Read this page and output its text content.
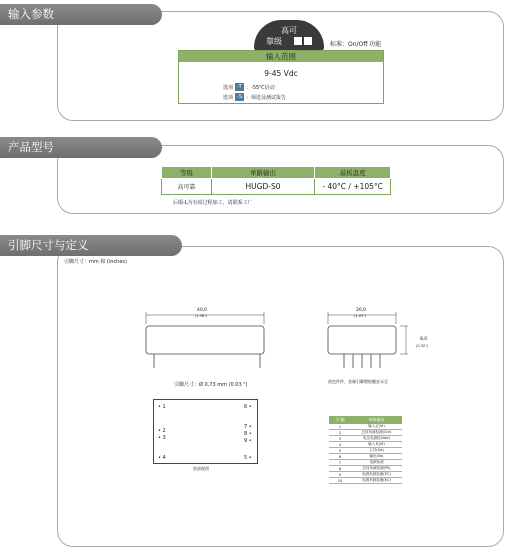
输入参数
高可
靠级	标准：On/Off 功能
输入范围
9-45 Vdc
选项 -T ：-55℃启动
选项 -S ：筛选及测试报告
产品型号
等级	单路输出	基板温度
高可靠	HUGD-S0	- 40°C / +105°C
后缀-L为有铅过程加工，请联系工厂
引脚尺寸与定义
引脚尺寸：mm 和 (inches)
40,0
(1.58")
26,0
(1.03")
8,0
(0.32")
引脚尺寸：Ø 0,73 mm (0.03 ")
底色件件，金属引脚镀银膜安永至
• 1
• 2
• 3
• 4
6 •
7 •
8 •
9 •
5 •
底部视图
引 脚	单路输出
1	输入正(Vi)
2	总体负载检测(Ctrl)
3	电压电源检(Vad)
4	输入负(Vi)
5	公共(Ga)
6	输出(Vo)
7	电源检测
8	总体负载检测(PS)
9	电源负载检测(EC)
10	电源负载检测(EC)
